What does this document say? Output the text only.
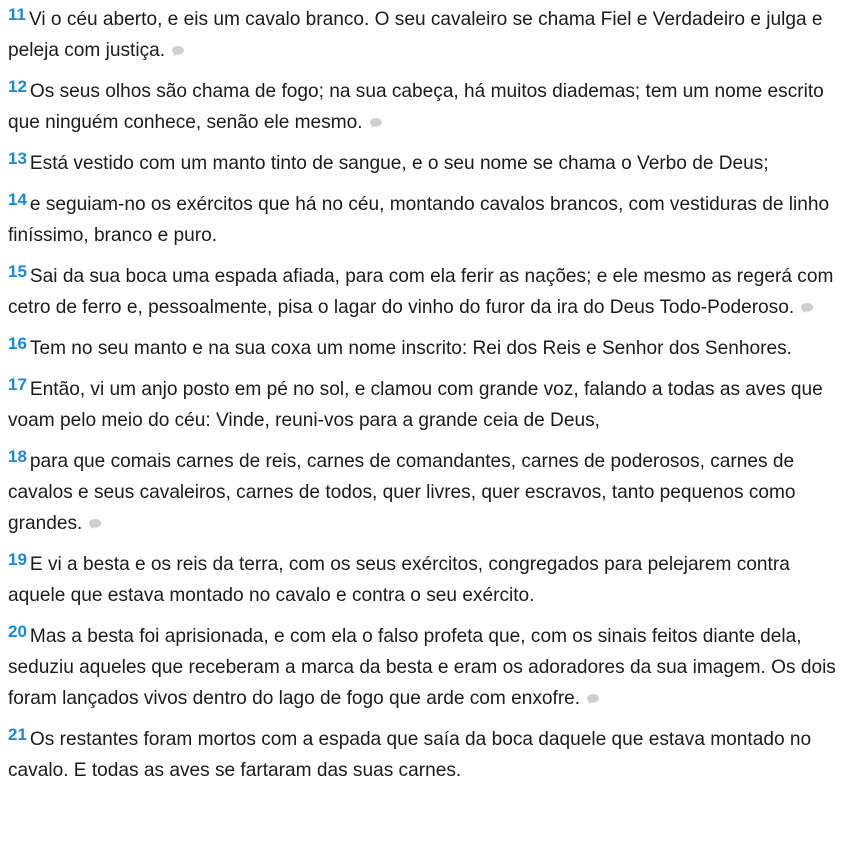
$^{11}$ Vi o céu aberto, e eis um cavalo branco. O seu cavaleiro se chama Fiel e Verdadeiro e julga e peleja com justiça.

$^{12}$ Os seus olhos são chama de fogo; na sua cabeça, há muitos diademas; tem um nome escrito que ninguém conhece, senão ele mesmo.

$^{13}$ Está vestido com um manto tinto de sangue, e o seu nome se chama o Verbo de Deus;

$^{14}$ e seguiam-no os exércitos que há no céu, montando cavalos brancos, com vestiduras de linho finíssimo, branco e puro.

$^{15}$ Sai da sua boca uma espada afiada, para com ela ferir as nações; e ele mesmo as regerá com cetro de ferro e, pessoalmente, pisa o lagar do vinho do furor da ira do Deus Todo-Poderoso.

$^{16}$ Tem no seu manto e na sua coxa um nome inscrito: Rei dos Reis e Senhor dos Senhores.

$^{17}$ Então, vi um anjo posto em pé no sol, e clamou com grande voz, falando a todas as aves que voam pelo meio do céu: Vinde, reuni-vos para a grande ceia de Deus,

$^{18}$ para que comais carnes de reis, carnes de comandantes, carnes de poderosos, carnes de cavalos e seus cavaleiros, carnes de todos, quer livres, quer escravos, tanto pequenos como grandes.

$^{19}$ E vi a besta e os reis da terra, com os seus exércitos, congregados para pelejarem contra aquele que estava montado no cavalo e contra o seu exército.

$^{20}$ Mas a besta foi aprisionada, e com ela o falso profeta que, com os sinais feitos diante dela, seduziu aqueles que receberam a marca da besta e eram os adoradores da sua imagem. Os dois foram lançados vivos dentro do lago de fogo que arde com enxofre.

$^{21}$ Os restantes foram mortos com a espada que saía da boca daquele que estava montado no cavalo. E todas as aves se fartaram das suas carnes.
